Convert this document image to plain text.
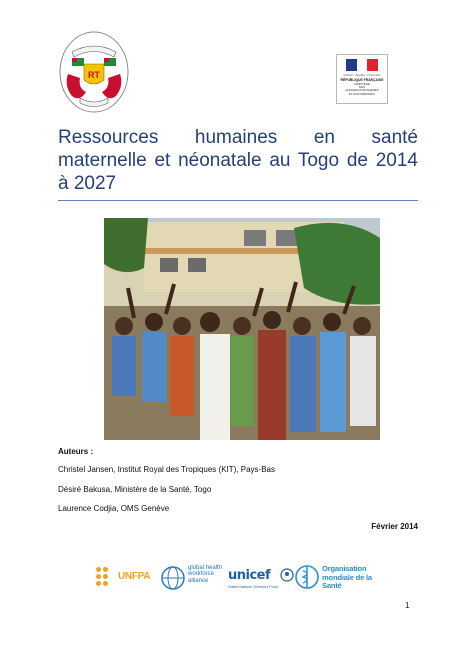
RT	Liberté • Égalité • Fraternité
RÉPUBLIQUE FRANÇAISE
MINISTÈRE
DES
AFFAIRES ÉTRANGÈRES
ET EUROPÉENNES
Ressources humaines en santé maternelle et néonatale au Togo de 2014 à 2027
Auteurs :
Christel Jansen, Institut Royal des Tropiques (KIT), Pays-Bas
Désiré Bakusa, Ministère de la Santé, Togo
Laurence Codjia, OMS Genève
Février 2014
UNFPA
global health
workforce
alliance	unicef
United Nations Children's Fund
Organisation
mondiale de la Santé
1
